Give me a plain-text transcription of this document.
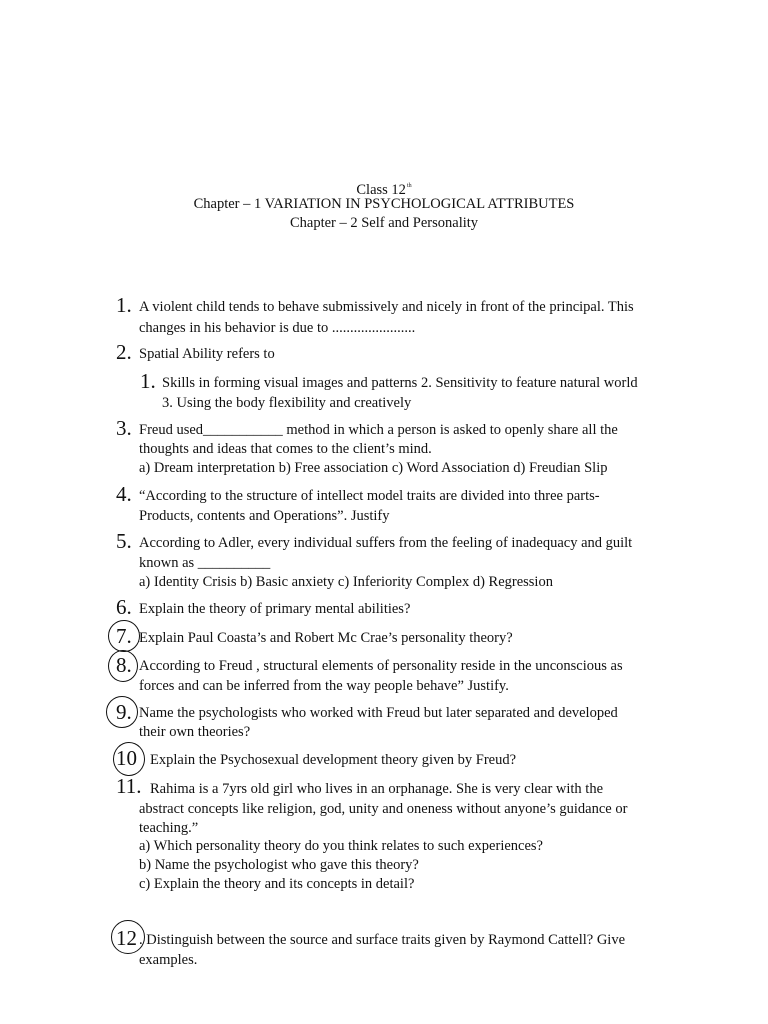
Class 12th
Chapter – 1 VARIATION IN PSYCHOLOGICAL ATTRIBUTES
Chapter – 2 Self and Personality
1. A violent child tends to behave submissively and nicely in front of the principal. This
changes in his behavior is due to .......................
2. Spatial Ability refers to
1. Skills in forming visual images and patterns 2. Sensitivity to feature natural world
3. Using the body flexibility and creatively
3. Freud used___________ method in which a person is asked to openly share all the
thoughts and ideas that comes to the client’s mind.
a) Dream interpretation b) Free association c) Word Association d) Freudian Slip
4. “According to the structure of intellect model traits are divided into three parts-
Products, contents and Operations”. Justify
5. According to Adler, every individual suffers from the feeling of inadequacy and guilt
known as __________
a) Identity Crisis b) Basic anxiety c) Inferiority Complex d) Regression
6. Explain the theory of primary mental abilities?
7. Explain Paul Coasta’s and Robert Mc Crae’s personality theory?
8. According to Freud , structural elements of personality reside in the unconscious as
forces and can be inferred from the way people behave” Justify.
9. Name the psychologists who worked with Freud but later separated and developed
their own theories?
10 Explain the Psychosexual development theory given by Freud?
11. Rahima is a 7yrs old girl who lives in an orphanage. She is very clear with the
abstract concepts like religion, god, unity and oneness without anyone’s guidance or
teaching.”
a) Which personality theory do you think relates to such experiences?
b) Name the psychologist who gave this theory?
c) Explain the theory and its concepts in detail?
12 . Distinguish between the source and surface traits given by Raymond Cattell? Give
examples.
